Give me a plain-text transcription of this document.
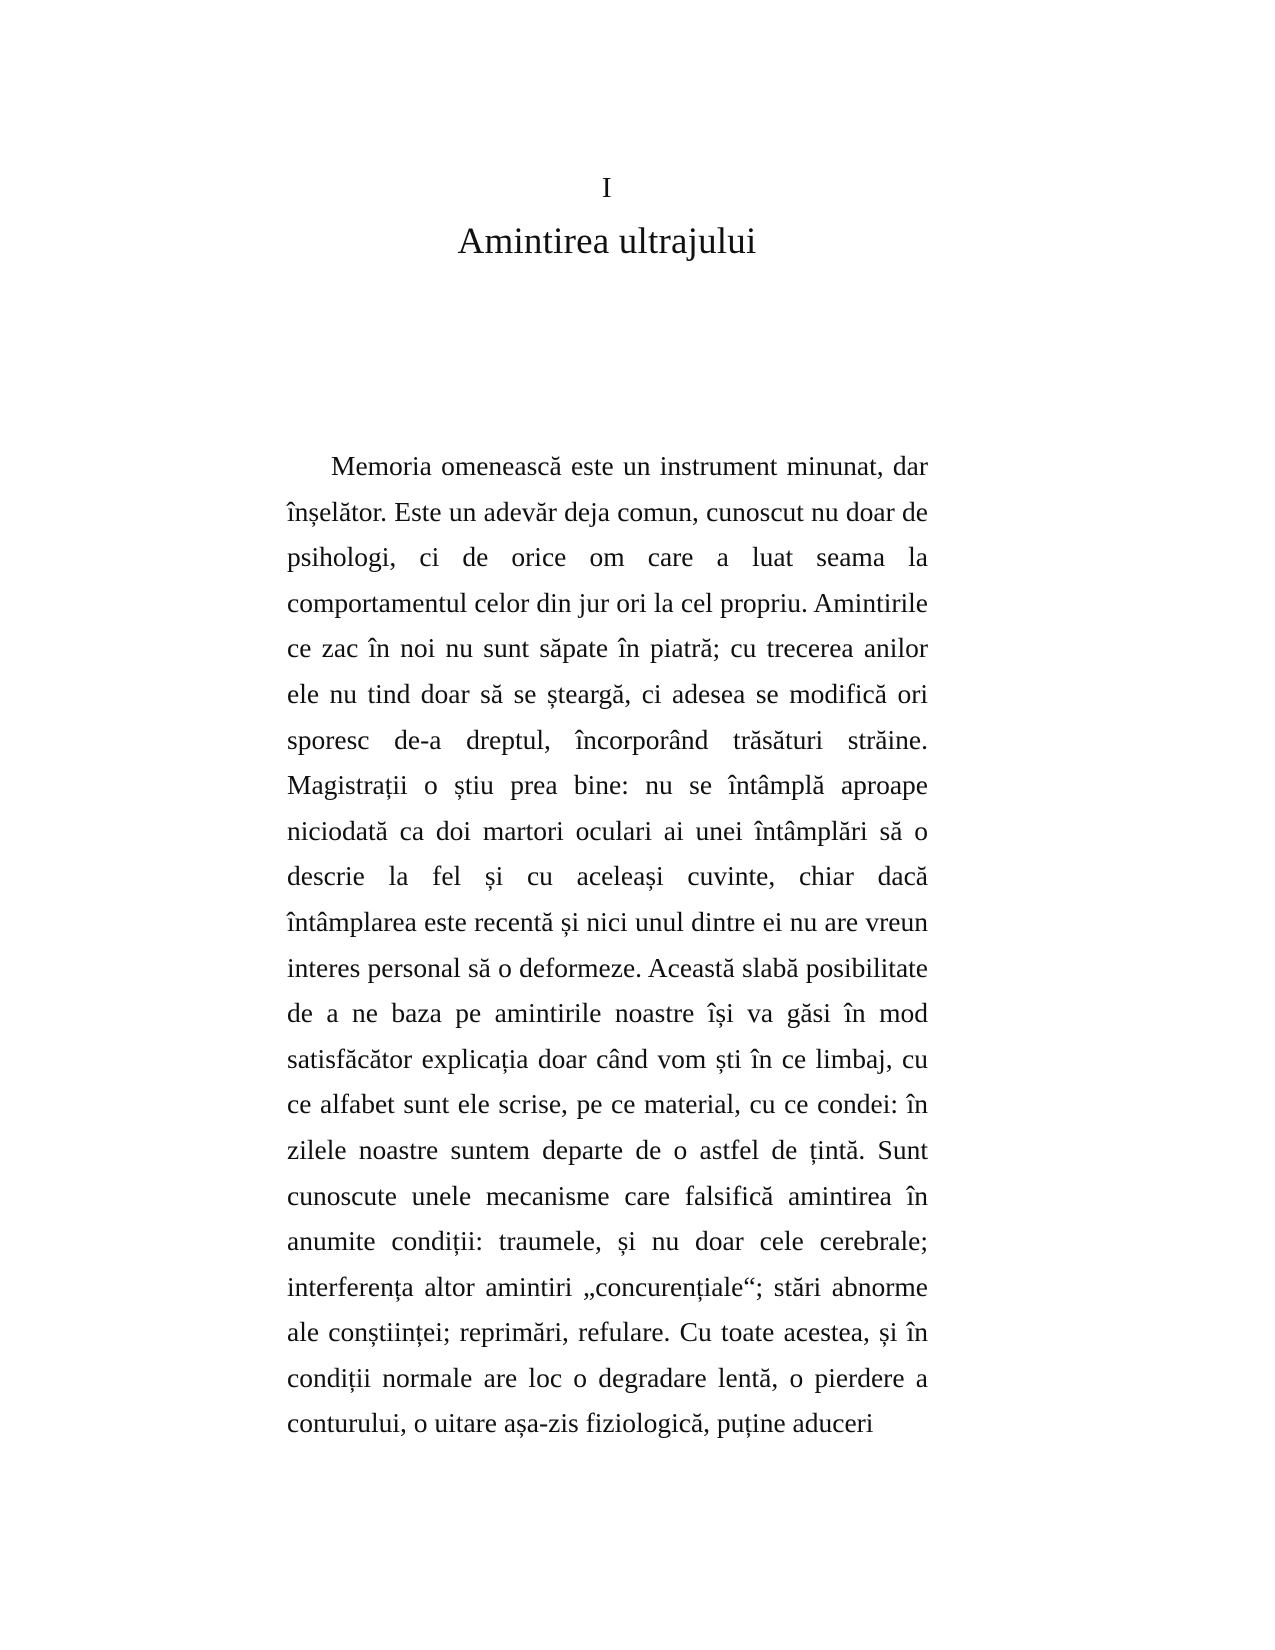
I
Amintirea ultrajului

Memoria omenească este un instrument minunat, dar înșelător. Este un adevăr deja comun, cunoscut nu doar de psihologi, ci de orice om care a luat seama la comportamentul celor din jur ori la cel propriu. Amintirile ce zac în noi nu sunt săpate în piatră; cu trecerea anilor ele nu tind doar să se șteargă, ci adesea se modifică ori sporesc de‑a dreptul, încorporând trăsături străine. Magistrații o știu prea bine: nu se întâmplă aproape niciodată ca doi martori oculari ai unei întâmplări să o descrie la fel și cu aceleași cuvinte, chiar dacă întâmplarea este recentă și nici unul dintre ei nu are vreun interes personal să o deformeze. Această slabă posibilitate de a ne baza pe amintirile noastre își va găsi în mod satisfăcător explicația doar când vom ști în ce limbaj, cu ce alfabet sunt ele scrise, pe ce material, cu ce condei: în zilele noastre suntem departe de o astfel de țintă. Sunt cunoscute unele mecanisme care falsifică amintirea în anumite condiții: traumele, și nu doar cele cerebrale; interferența altor amintiri „concurențiale“; stări abnorme ale conștiinței; reprimări, refulare. Cu toate acestea, și în condiții normale are loc o degradare lentă, o pierdere a conturului, o uitare așa‑zis fiziologică, puține aduceri
